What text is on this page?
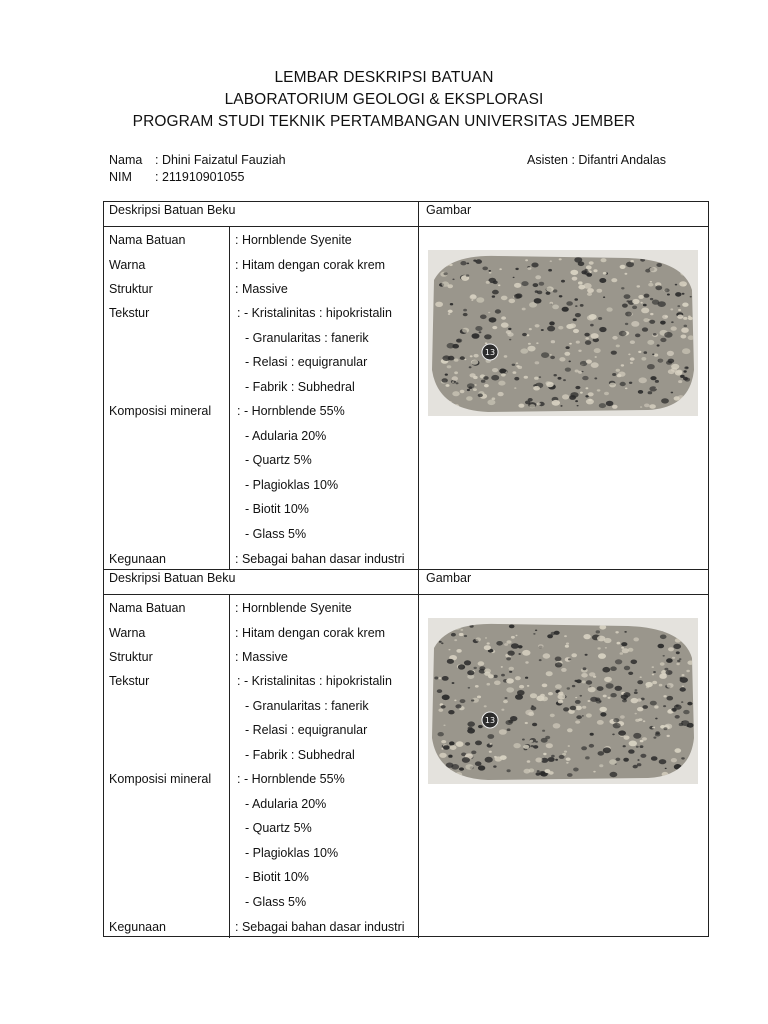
LEMBAR DESKRIPSI BATUAN
LABORATORIUM GEOLOGI & EKSPLORASI
PROGRAM STUDI TEKNIK PERTAMBANGAN UNIVERSITAS JEMBER
Nama : Dhini Faizatul Fauziah
NIM : 211910901055
Asisten : Difantri Andalas
Deskripsi Batuan Beku	Gambar
Nama Batuan	: Hornblende Syenite
Warna	: Hitam dengan corak krem
Struktur	: Massive
Tekstur	: - Kristalinitas : hipokristalin
- Granularitas : fanerik
- Relasi : equigranular
- Fabrik : Subhedral
Komposisi mineral : - Hornblende 55%
- Adularia 20%
- Quartz 5%
- Plagioklas 10%
- Biotit 10%
- Glass 5%
Kegunaan	: Sebagai bahan dasar industri
13
Deskripsi Batuan Beku	Gambar
Nama Batuan	: Hornblende Syenite
Warna	: Hitam dengan corak krem
Struktur	: Massive
Tekstur	: - Kristalinitas : hipokristalin
- Granularitas : fanerik
- Relasi : equigranular
- Fabrik : Subhedral
Komposisi mineral : - Hornblende 55%
- Adularia 20%
- Quartz 5%
- Plagioklas 10%
- Biotit 10%
- Glass 5%
Kegunaan	: Sebagai bahan dasar industri
13
